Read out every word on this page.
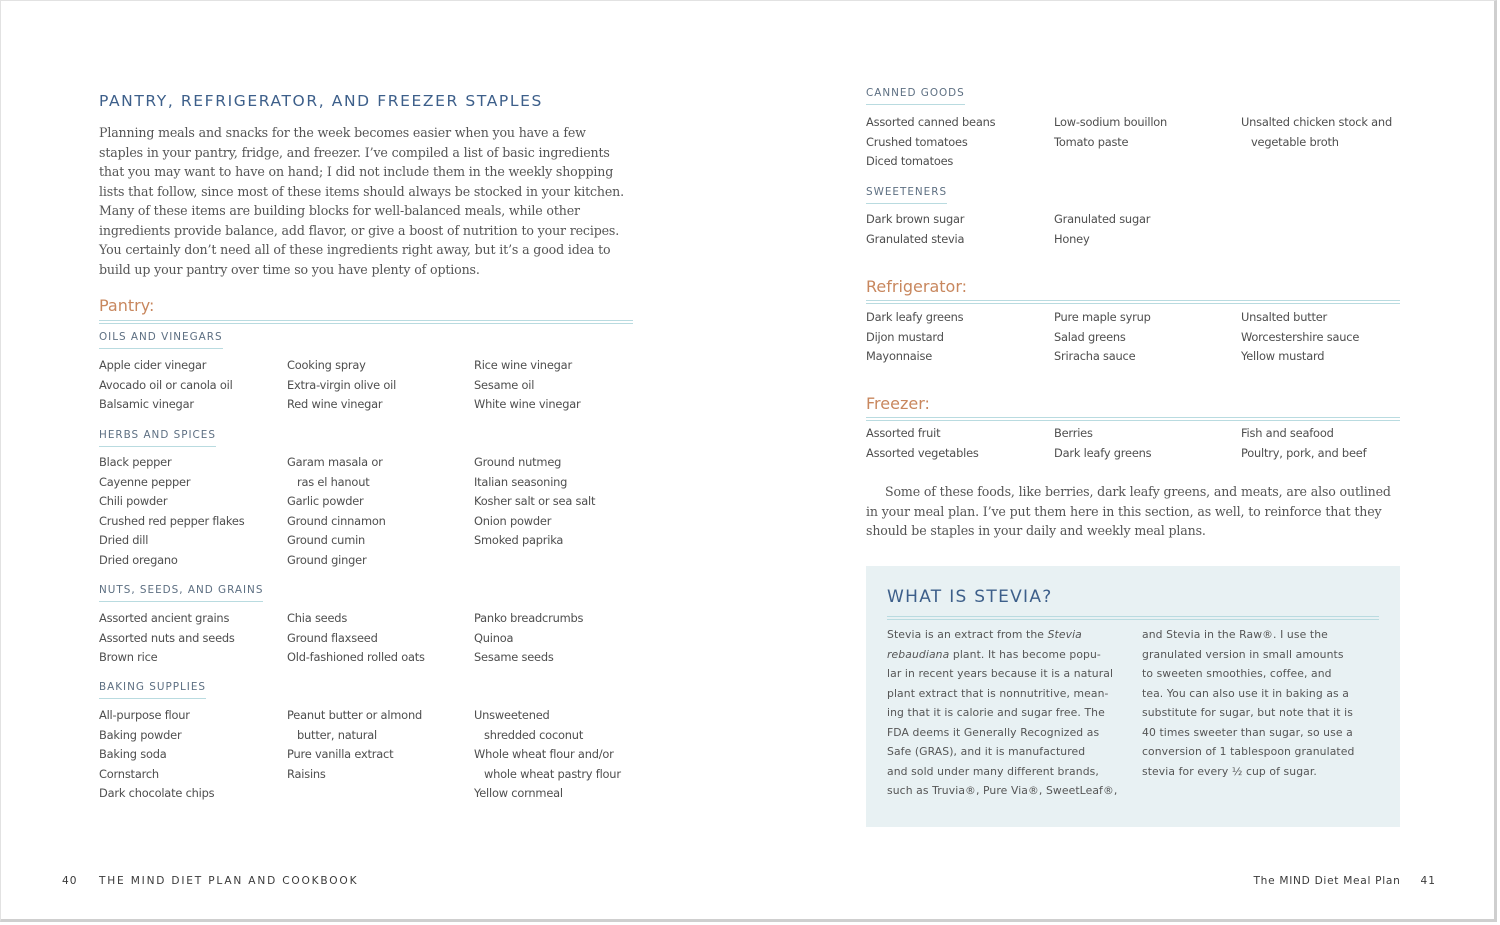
PANTRY, REFRIGERATOR, AND FREEZER STAPLES

Planning meals and snacks for the week becomes easier when you have a few staples in your pantry, fridge, and freezer. I’ve compiled a list of basic ingredients that you may want to have on hand; I did not include them in the weekly shopping lists that follow, since most of these items should always be stocked in your kitchen. Many of these items are building blocks for well-balanced meals, while other ingredients provide balance, add flavor, or give a boost of nutrition to your recipes. You certainly don’t need all of these ingredients right away, but it’s a good idea to build up your pantry over time so you have plenty of options.

Pantry:
OILS AND VINEGARS
Apple cider vinegar
Avocado oil or canola oil
Balsamic vinegar
Cooking spray
Extra-virgin olive oil
Red wine vinegar
Rice wine vinegar
Sesame oil
White wine vinegar
HERBS AND SPICES
Black pepper
Cayenne pepper
Chili powder
Crushed red pepper flakes
Dried dill
Dried oregano
Garam masala or
ras el hanout
Garlic powder
Ground cinnamon
Ground cumin
Ground ginger
Ground nutmeg
Italian seasoning
Kosher salt or sea salt
Onion powder
Smoked paprika
NUTS, SEEDS, AND GRAINS
Assorted ancient grains
Assorted nuts and seeds
Brown rice
Chia seeds
Ground flaxseed
Old-fashioned rolled oats
Panko breadcrumbs
Quinoa
Sesame seeds
BAKING SUPPLIES
All-purpose flour
Baking powder
Baking soda
Cornstarch
Dark chocolate chips
Peanut butter or almond
butter, natural
Pure vanilla extract
Raisins
Unsweetened
shredded coconut
Whole wheat flour and/or
whole wheat pastry flour
Yellow cornmeal
40 THE MIND DIET PLAN AND COOKBOOK
CANNED GOODS
Assorted canned beans
Crushed tomatoes
Diced tomatoes
Low-sodium bouillon
Tomato paste
Unsalted chicken stock and
vegetable broth
SWEETENERS
Dark brown sugar
Granulated stevia
Granulated sugar
Honey
Refrigerator:
Dark leafy greens
Dijon mustard
Mayonnaise
Pure maple syrup
Salad greens
Sriracha sauce
Unsalted butter
Worcestershire sauce
Yellow mustard
Freezer:
Assorted fruit
Assorted vegetables
Berries
Dark leafy greens
Fish and seafood
Poultry, pork, and beef

Some of these foods, like berries, dark leafy greens, and meats, are also outlined in your meal plan. I’ve put them here in this section, as well, to reinforce that they should be staples in your daily and weekly meal plans.

WHAT IS STEVIA?
Stevia is an extract from the Stevia
rebaudiana plant. It has become popu-
lar in recent years because it is a natural
plant extract that is nonnutritive, mean-
ing that it is calorie and sugar free. The
FDA deems it Generally Recognized as
Safe (GRAS), and it is manufactured
and sold under many different brands,
such as Truvia®, Pure Via®, SweetLeaf®,
and Stevia in the Raw®. I use the
granulated version in small amounts
to sweeten smoothies, coffee, and
tea. You can also use it in baking as a
substitute for sugar, but note that it is
40 times sweeter than sugar, so use a
conversion of 1 tablespoon granulated
stevia for every ½ cup of sugar.
The MIND Diet Meal Plan 41
